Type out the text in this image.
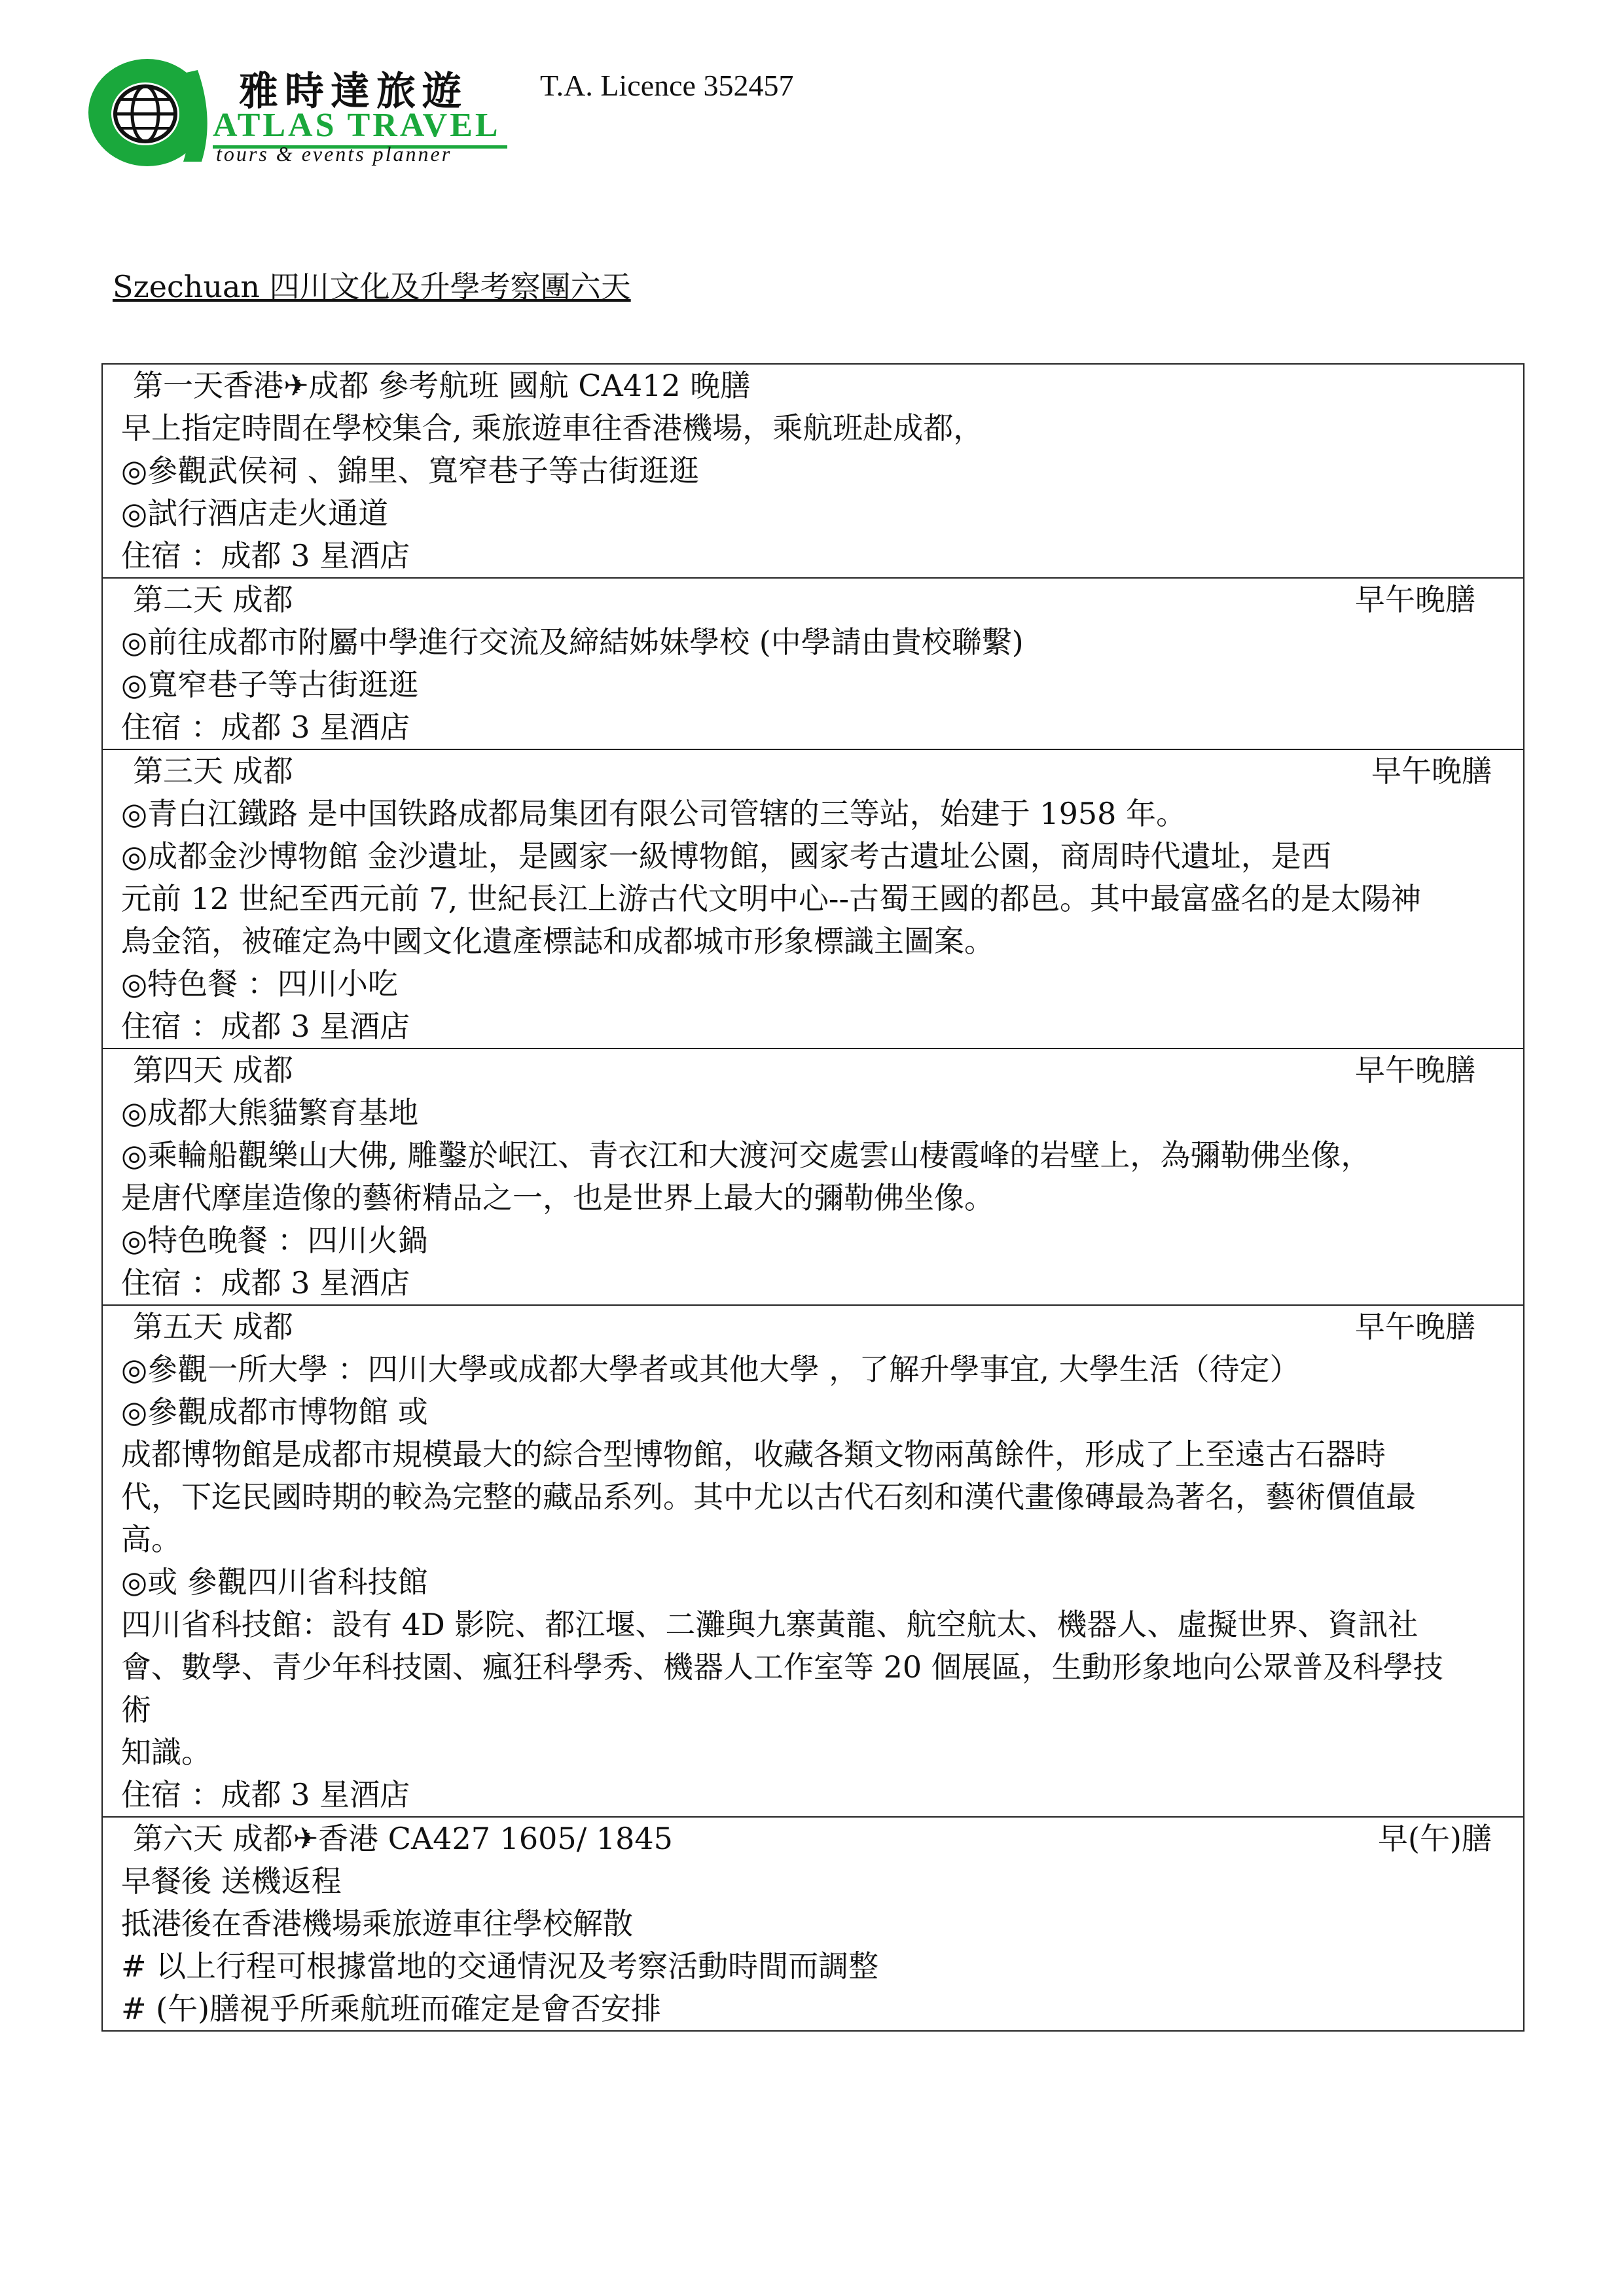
雅時達旅遊
ATLAS TRAVEL
tours & events planner
T.A. Licence 352457
Szechuan 四川文化及升學考察團六天
第一天香港✈成都 參考航班 國航 CA412 晚膳
早上指定時間在學校集合, 乘旅遊車往香港機場，乘航班赴成都，
◎參觀武侯祠 、錦里、寬窄巷子等古街逛逛
◎試行酒店走火通道
住宿 ：成都 3 星酒店
第二天 成都	早午晚膳
◎前往成都市附屬中學進行交流及締結姊妹學校 (中學請由貴校聯繫)
◎寬窄巷子等古街逛逛
住宿 ：成都 3 星酒店
第三天 成都	早午晚膳
◎青白江鐵路 是中国铁路成都局集团有限公司管辖的三等站，始建于 1958 年。
◎成都金沙博物館 金沙遺址，是國家一級博物館，國家考古遺址公園，商周時代遺址，是西
元前 12 世紀至西元前 7, 世紀長江上游古代文明中心--古蜀王國的都邑。其中最富盛名的是太陽神
鳥金箔，被確定為中國文化遺產標誌和成都城市形象標識主圖案。
◎特色餐 ：四川小吃
住宿 ：成都 3 星酒店
第四天 成都	早午晚膳
◎成都大熊貓繁育基地
◎乘輪船觀樂山大佛, 雕鑿於岷江、青衣江和大渡河交處雲山棲霞峰的岩壁上，為彌勒佛坐像，
是唐代摩崖造像的藝術精品之一，也是世界上最大的彌勒佛坐像。
◎特色晚餐 ：四川火鍋
住宿 ：成都 3 星酒店
第五天 成都	早午晚膳
◎參觀一所大學 ：四川大學或成都大學者或其他大學 ，了解升學事宜, 大學生活（待定）
◎參觀成都市博物館 或
成都博物館是成都市規模最大的綜合型博物館，收藏各類文物兩萬餘件，形成了上至遠古石器時
代，下迄民國時期的較為完整的藏品系列。其中尤以古代石刻和漢代畫像磚最為著名，藝術價值最
高。
◎或 參觀四川省科技館
四川省科技館：設有 4D 影院、都江堰、二灘與九寨黃龍、航空航太、機器人、虛擬世界、資訊社
會、數學、青少年科技園、瘋狂科學秀、機器人工作室等 20 個展區，生動形象地向公眾普及科學技
術
知識。
住宿 ：成都 3 星酒店
第六天 成都✈香港 CA427 1605/ 1845	早(午)膳
早餐後 送機返程
抵港後在香港機場乘旅遊車往學校解散
# 以上行程可根據當地的交通情況及考察活動時間而調整
# (午)膳視乎所乘航班而確定是會否安排
